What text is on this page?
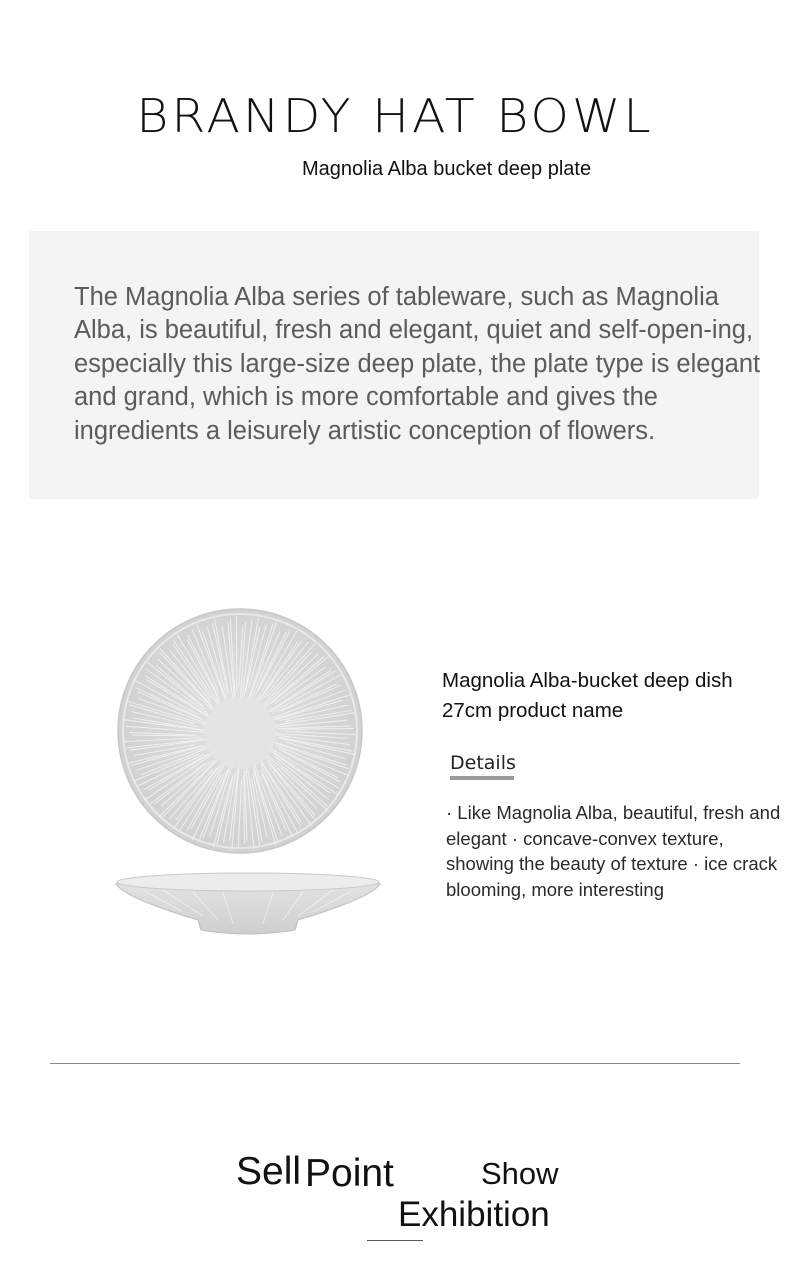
BRANDY HAT BOWL
Magnolia Alba bucket deep plate
The Magnolia Alba series of tableware, such as Magnolia Alba, is beautiful, fresh and elegant, quiet and self-open-ing, especially this large-size deep plate, the plate type is elegant and grand, which is more comfortable and gives the ingredients a leisurely artistic conception of flowers.
Magnolia Alba-bucket deep dish 27cm product name
Details
· Like Magnolia Alba, beautiful, fresh and elegant · concave-convex texture, showing the beauty of texture · ice crack blooming, more interesting
Sell Point	Show
Exhibition
